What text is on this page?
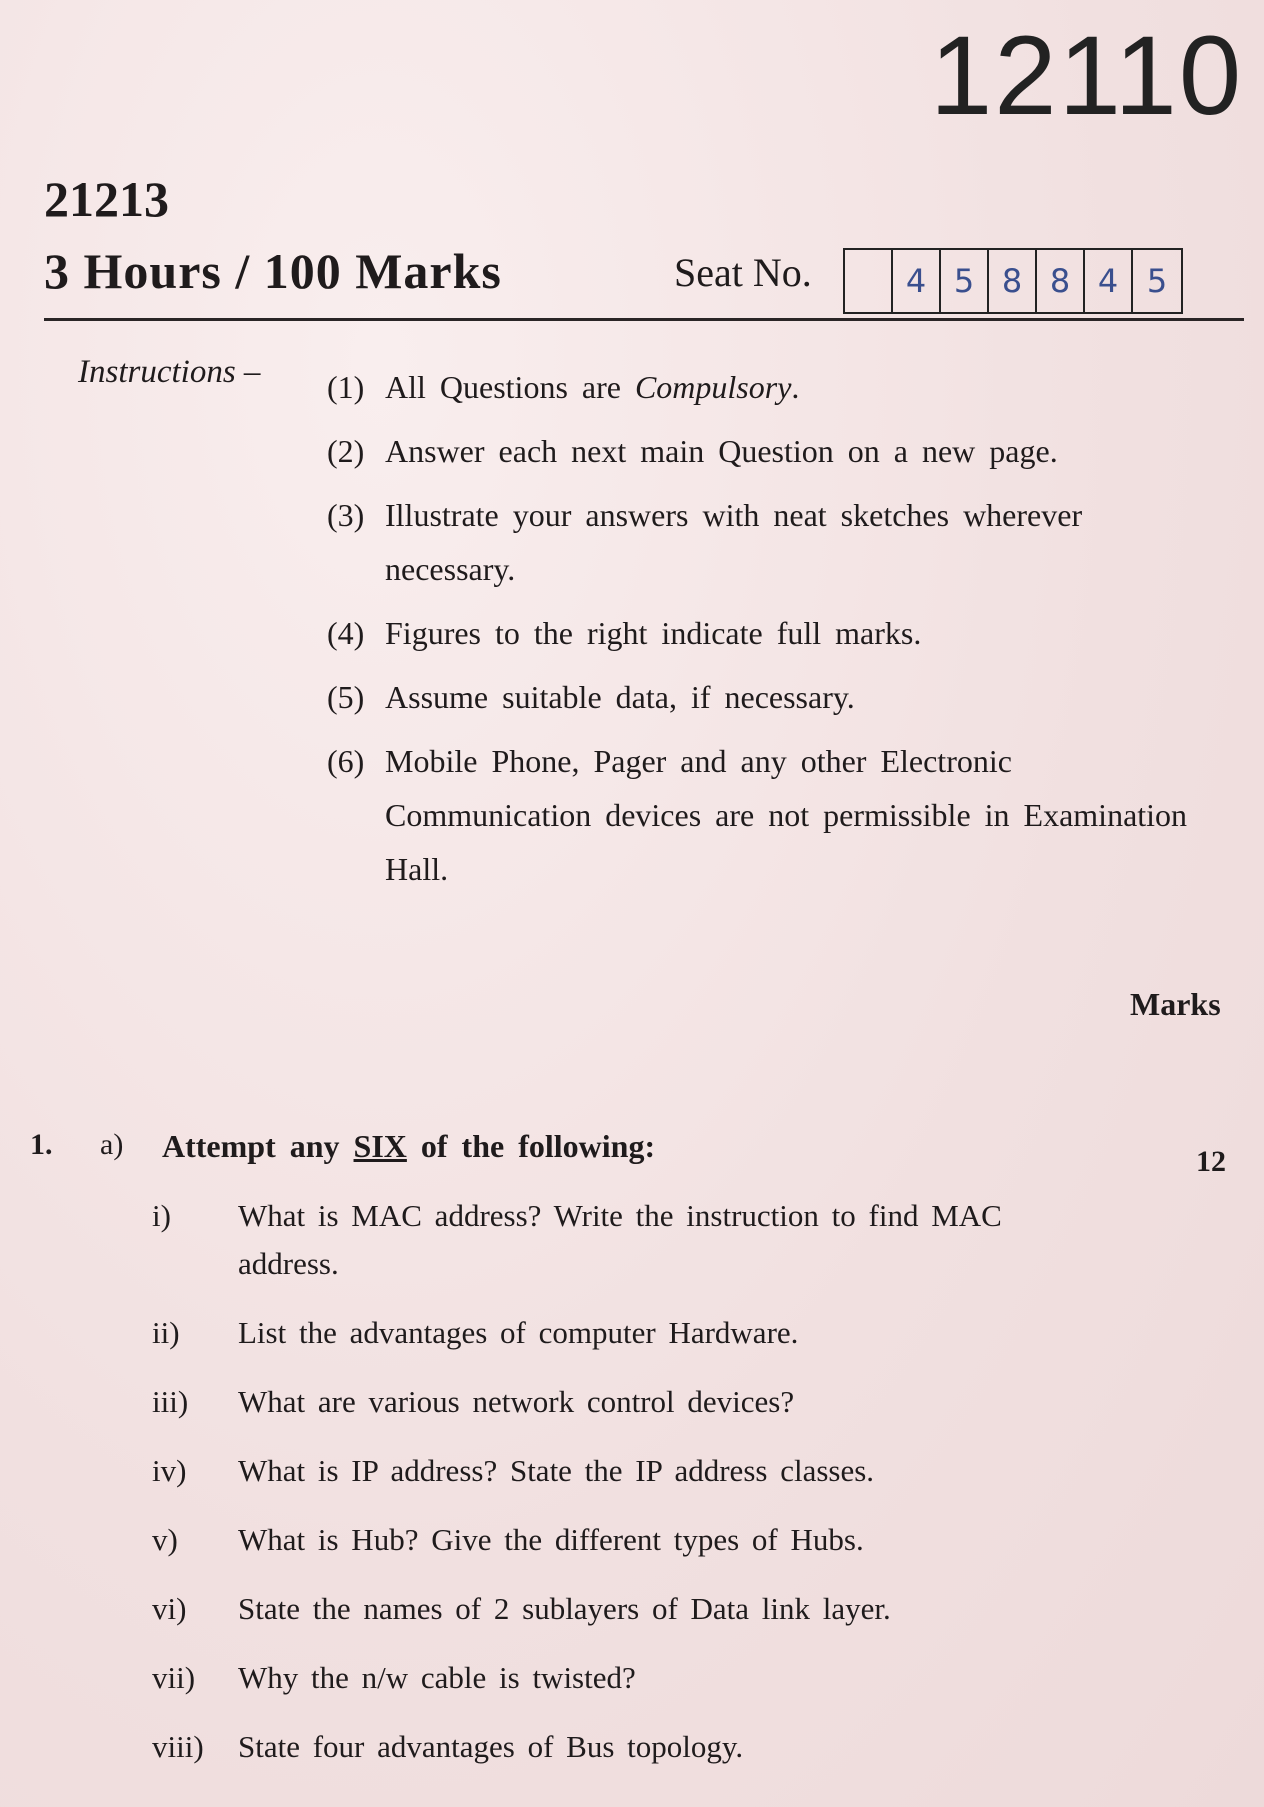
12110
21213
3 Hours / 100 Marks	Seat No.	4 5 8 8 4 5
Instructions – (1) All Questions are Compulsory.
(2) Answer each next main Question on a new page.
(3) Illustrate your answers with neat sketches wherever necessary.
(4) Figures to the right indicate full marks.
(5) Assume suitable data, if necessary.
(6) Mobile Phone, Pager and any other Electronic Communication devices are not permissible in Examination Hall.
Marks
1. a) Attempt any SIX of the following:	12
i)	What is MAC address? Write the instruction to find MAC address.
ii)	List the advantages of computer Hardware.
iii)	What are various network control devices?
iv)	What is IP address? State the IP address classes.
v)	What is Hub? Give the different types of Hubs.
vi)	State the names of 2 sublayers of Data link layer.
vii)	Why the n/w cable is twisted?
viii)	State four advantages of Bus topology.
